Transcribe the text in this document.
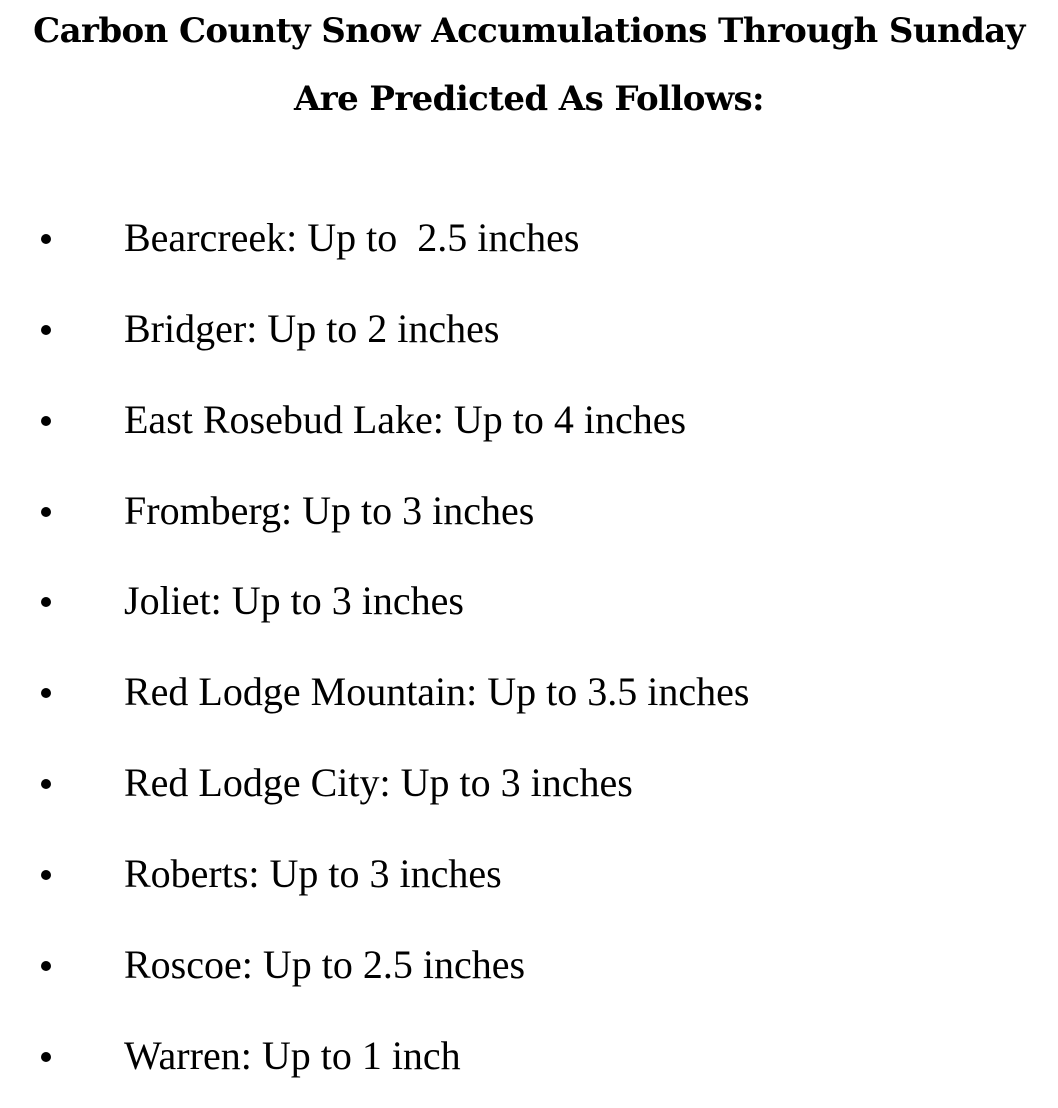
Carbon County Snow Accumulations Through Sunday
Are Predicted As Follows:
Bearcreek: Up to  2.5 inches
Bridger: Up to 2 inches
East Rosebud Lake: Up to 4 inches
Fromberg: Up to 3 inches
Joliet: Up to 3 inches
Red Lodge Mountain: Up to 3.5 inches
Red Lodge City: Up to 3 inches
Roberts: Up to 3 inches
Roscoe: Up to 2.5 inches
Warren: Up to 1 inch
